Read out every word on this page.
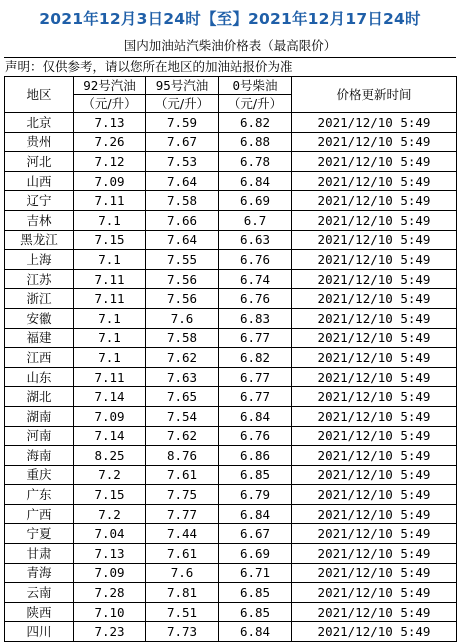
2021年12月3日24时【至】2021年12月17日24时
国内加油站汽柴油价格表（最高限价）
声明：仅供参考，请以您所在地区的加油站报价为准
地区	92号汽油	95号汽油	0号柴油	价格更新时间
	（元/升）	（元/升）	（元/升）	
北京	7.13	7.59	6.82	2021/12/10 5:49
贵州	7.26	7.67	6.88	2021/12/10 5:49
河北	7.12	7.53	6.78	2021/12/10 5:49
山西	7.09	7.64	6.84	2021/12/10 5:49
辽宁	7.11	7.58	6.69	2021/12/10 5:49
吉林	7.1	7.66	6.7	2021/12/10 5:49
黑龙江	7.15	7.64	6.63	2021/12/10 5:49
上海	7.1	7.55	6.76	2021/12/10 5:49
江苏	7.11	7.56	6.74	2021/12/10 5:49
浙江	7.11	7.56	6.76	2021/12/10 5:49
安徽	7.1	7.6	6.83	2021/12/10 5:49
福建	7.1	7.58	6.77	2021/12/10 5:49
江西	7.1	7.62	6.82	2021/12/10 5:49
山东	7.11	7.63	6.77	2021/12/10 5:49
湖北	7.14	7.65	6.77	2021/12/10 5:49
湖南	7.09	7.54	6.84	2021/12/10 5:49
河南	7.14	7.62	6.76	2021/12/10 5:49
海南	8.25	8.76	6.86	2021/12/10 5:49
重庆	7.2	7.61	6.85	2021/12/10 5:49
广东	7.15	7.75	6.79	2021/12/10 5:49
广西	7.2	7.77	6.84	2021/12/10 5:49
宁夏	7.04	7.44	6.67	2021/12/10 5:49
甘肃	7.13	7.61	6.69	2021/12/10 5:49
青海	7.09	7.6	6.71	2021/12/10 5:49
云南	7.28	7.81	6.85	2021/12/10 5:49
陕西	7.10	7.51	6.85	2021/12/10 5:49
四川	7.23	7.73	6.84	2021/12/10 5:49
